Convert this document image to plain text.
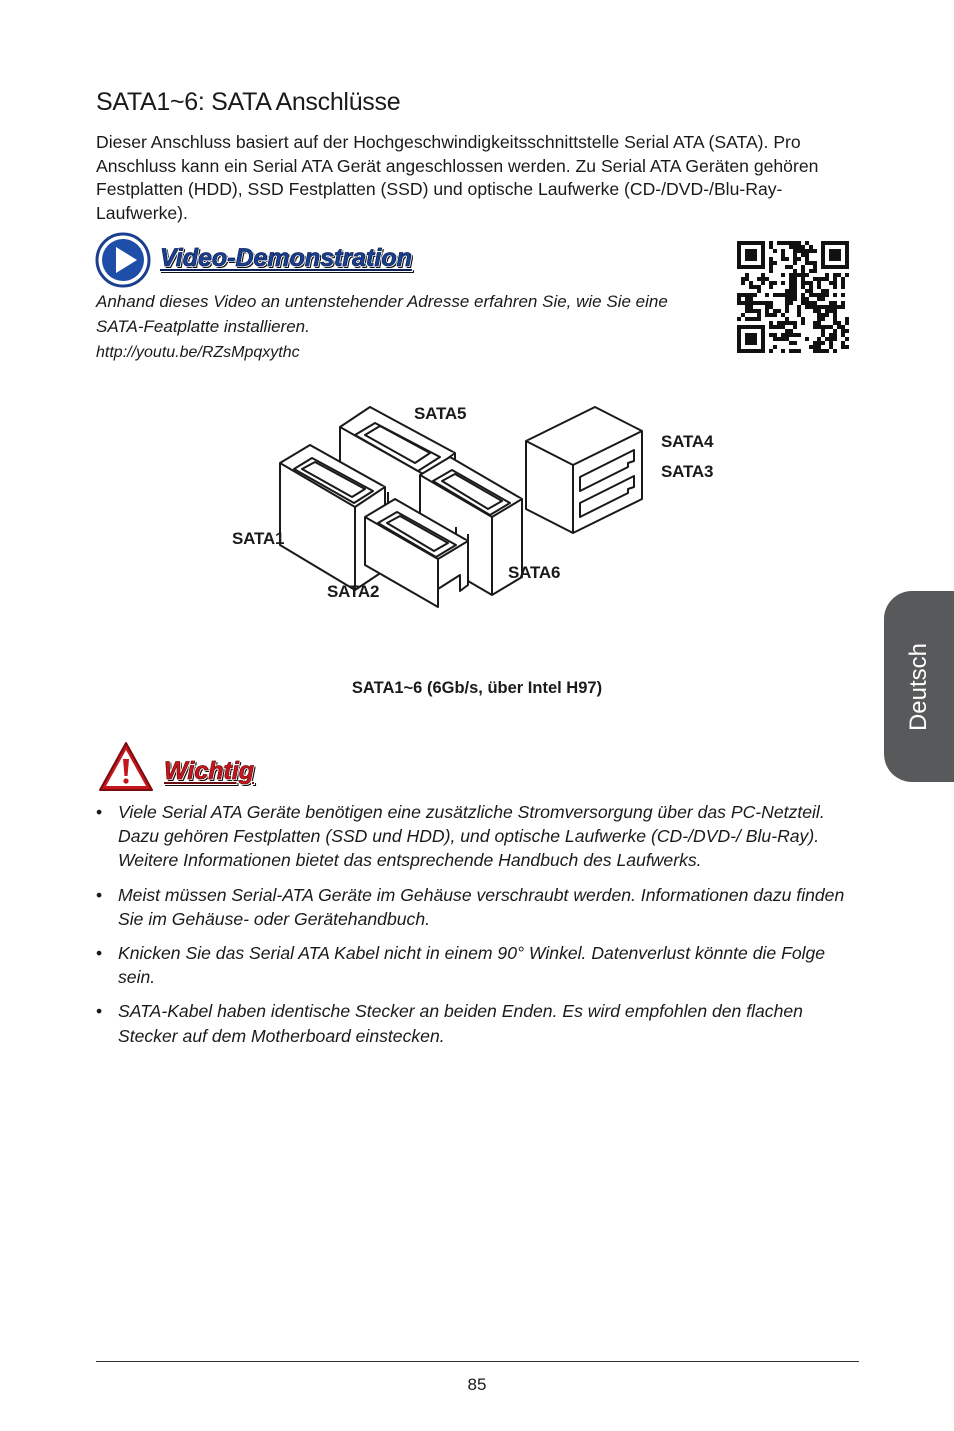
SATA1~6: SATA Anschlüsse

Dieser Anschluss basiert auf der Hochgeschwindigkeitsschnittstelle Serial ATA (SATA). Pro Anschluss kann ein Serial ATA Gerät angeschlossen werden. Zu Serial ATA Geräten gehören Festplatten (HDD), SSD Festplatten (SSD) und optische Laufwerke (CD-/DVD-/Blu-Ray-Laufwerke).

Video-Demonstration

Anhand dieses Video an untenstehender Adresse erfahren Sie, wie Sie eine SATA-Featplatte installieren.

http://youtu.be/RZsMpqxythc
SATA5
SATA4
SATA3
SATA1
SATA6
SATA2
SATA1~6 (6Gb/s, über Intel H97)
Wichtig
• Viele Serial ATA Geräte benötigen eine zusätzliche Stromversorgung über das PC-Netzteil. Dazu gehören Festplatten (SSD und HDD), und optische Laufwerke (CD-/DVD-/ Blu-Ray). Weitere Informationen bietet das entsprechende Handbuch des Laufwerks.
• Meist müssen Serial-ATA Geräte im Gehäuse verschraubt werden. Informationen dazu finden Sie im Gehäuse- oder Gerätehandbuch.
• Knicken Sie das Serial ATA Kabel nicht in einem 90° Winkel. Datenverlust könnte die Folge sein.
• SATA-Kabel haben identische Stecker an beiden Enden. Es wird empfohlen den flachen Stecker auf dem Motherboard einstecken.
Deutsch
85
